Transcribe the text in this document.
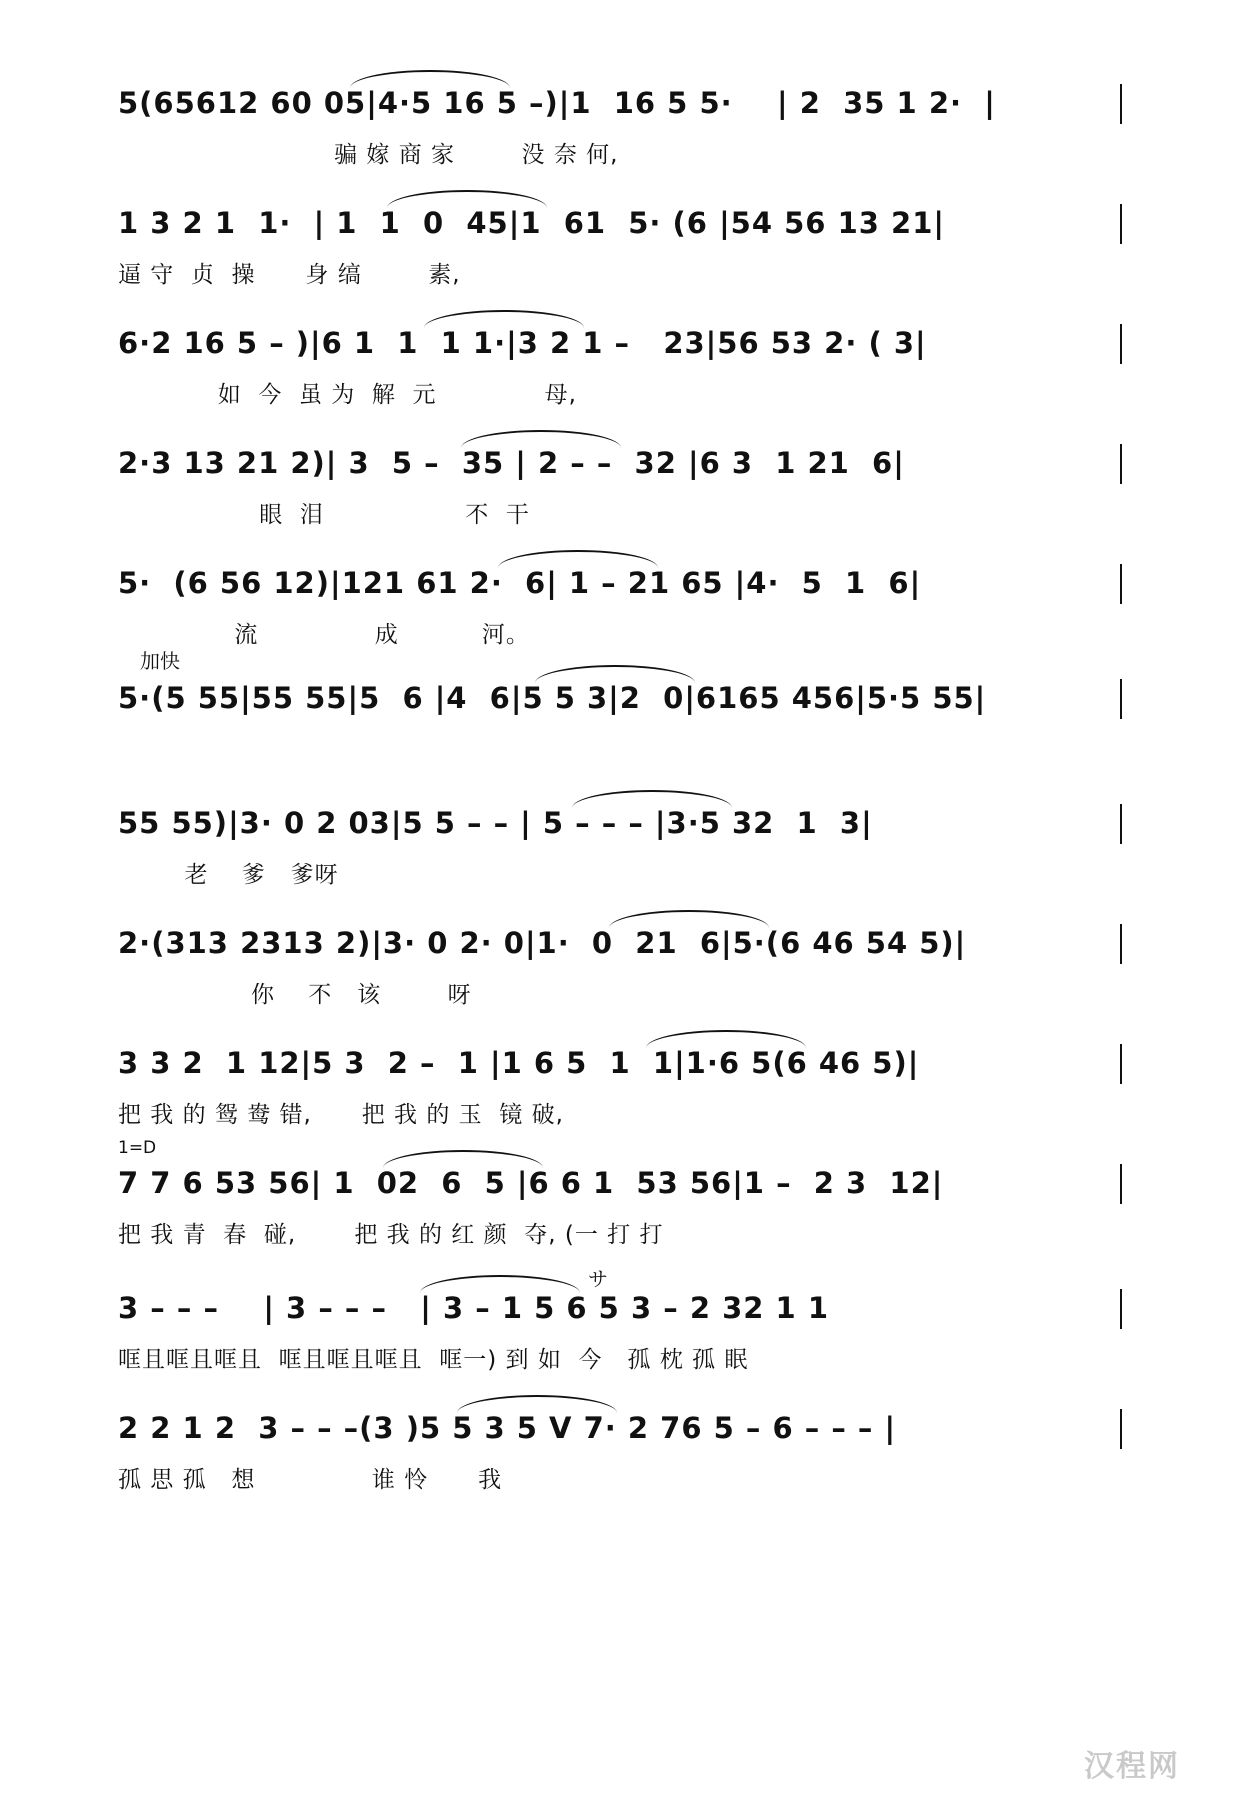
5(65612 60 05|4·5 16 5 –)|1  16 5 5·    | 2  35 1 2·  |
骗 嫁 商 家        没 奈 何,
1 3 2 1  1·  | 1  1  0  45|1  61  5· (6 |54 56 13 21|
逼 守  贞  操      身 缟        素,
6·2 16 5 – )|6 1  1  1 1·|3 2 1 –   23|56 53 2· ( 3|
如  今  虽 为  解  元             母,
2·3 13 21 2)| 3  5 –  35 | 2 – –  32 |6 3  1 21  6|
眼  泪                 不  干
5·  (6 56 12)|121 61 2·  6| 1 – 21 65 |4·  5  1  6|
流              成          河。
加快
5·(5 55|55 55|5  6 |4  6|5 5 3|2  0|6165 456|5·5 55|
55 55)|3· 0 2 03|5 5 – – | 5 – – – |3·5 32  1  3|
老    爹   爹呀
2·(313 2313 2)|3· 0 2· 0|1·  0  21  6|5·(6 46 54 5)|
你    不   该        呀
3 3 2  1 12|5 3  2 –  1 |1 6 5  1  1|1·6 5(6 46 5)|
把 我 的 鸳 鸯 错,      把 我 的 玉  镜 破,
1=D
7 7 6 53 56| 1  02  6  5 |6 6 1  53 56|1 –  2 3  12|
把 我 青  春  碰,       把 我 的 红 颜  夺, (一 打 打
サ
3 – – –    | 3 – – –   | 3 – 1 5 6 5 3 – 2 32 1 1
哐且哐且哐且  哐且哐且哐且  哐一) 到 如  今   孤 枕 孤 眠
2 2 1 2  3 – – –(3 )5 5 3 5 V 7· 2 76 5 – 6 – – – |
孤 思 孤   想              谁 怜      我
汉程网
